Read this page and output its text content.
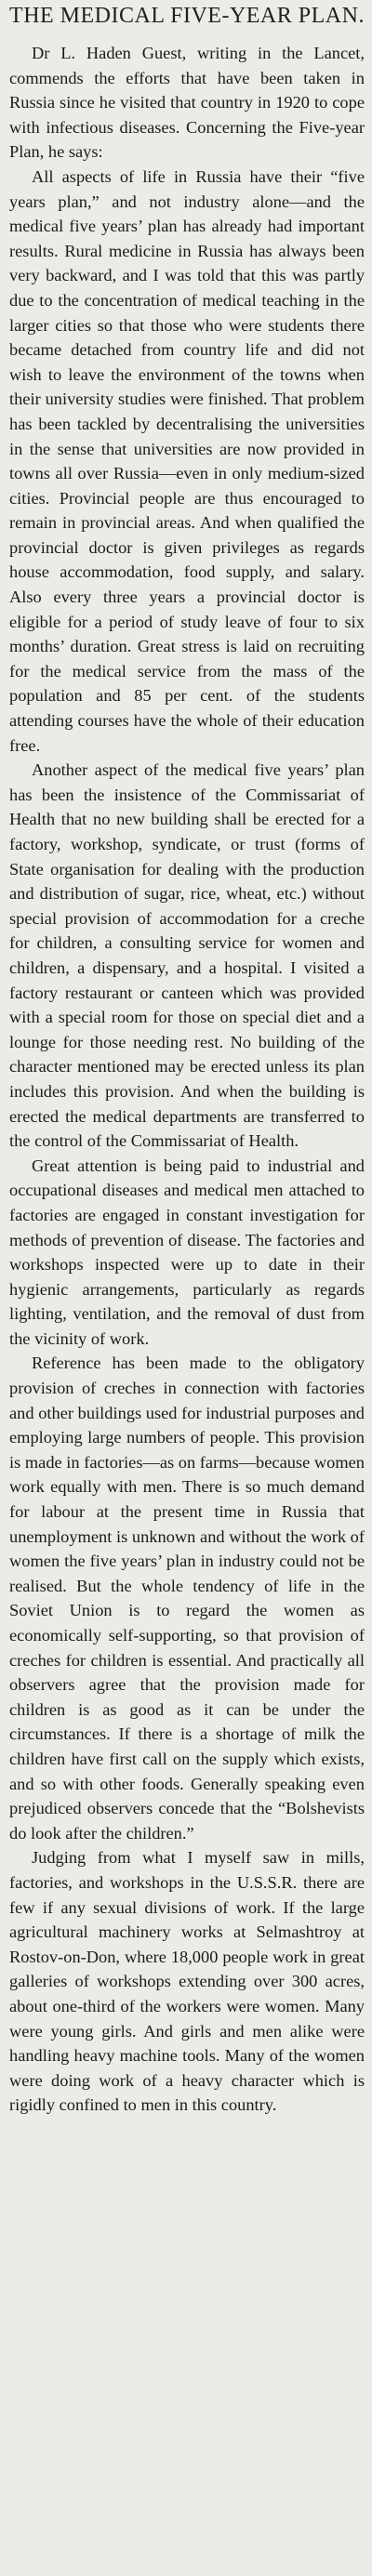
THE MEDICAL FIVE-YEAR PLAN.

Dr L. Haden Guest, writing in the Lancet, commends the efforts that have been taken in Russia since he visited that country in 1920 to cope with infectious diseases. Concerning the Five-year Plan, he says:

All aspects of life in Russia have their “five years plan,” and not industry alone—and the medical five years’ plan has already had important results. Rural medicine in Russia has always been very backward, and I was told that this was partly due to the concentration of medical teaching in the larger cities so that those who were students there became detached from country life and did not wish to leave the environment of the towns when their university studies were finished. That problem has been tackled by decentralising the universities in the sense that universities are now provided in towns all over Russia—even in only medium-sized cities. Provincial people are thus encouraged to remain in provincial areas. And when qualified the provincial doctor is given privileges as regards house accommodation, food supply, and salary. Also every three years a provincial doctor is eligible for a period of study leave of four to six months’ duration. Great stress is laid on recruiting for the medical service from the mass of the population and 85 per cent. of the students attending courses have the whole of their education free.

Another aspect of the medical five years’ plan has been the insistence of the Commissariat of Health that no new building shall be erected for a factory, workshop, syndicate, or trust (forms of State organisation for dealing with the production and distribution of sugar, rice, wheat, etc.) without special provision of accommodation for a creche for children, a consulting service for women and children, a dispensary, and a hospital. I visited a factory restaurant or canteen which was provided with a special room for those on special diet and a lounge for those needing rest. No building of the character mentioned may be erected unless its plan includes this provision. And when the building is erected the medical departments are transferred to the control of the Commissariat of Health.

Great attention is being paid to industrial and occupational diseases and medical men attached to factories are engaged in constant investigation for methods of prevention of disease. The factories and workshops inspected were up to date in their hygienic arrangements, particularly as regards lighting, ventilation, and the removal of dust from the vicinity of work.

Reference has been made to the obligatory provision of creches in connection with factories and other buildings used for industrial purposes and employing large numbers of people. This provision is made in factories—as on farms—because women work equally with men. There is so much demand for labour at the present time in Russia that unemployment is unknown and without the work of women the five years’ plan in industry could not be realised. But the whole tendency of life in the Soviet Union is to regard the women as economically self-supporting, so that provision of creches for children is essential. And practically all observers agree that the provision made for children is as good as it can be under the circumstances. If there is a shortage of milk the children have first call on the supply which exists, and so with other foods. Generally speaking even prejudiced observers concede that the “Bolshevists do look after the children.”

Judging from what I myself saw in mills, factories, and workshops in the U.S.S.R. there are few if any sexual divisions of work. If the large agricultural machinery works at Selmashtroy at Rostov-on-Don, where 18,000 people work in great galleries of workshops extending over 300 acres, about one-third of the workers were women. Many were young girls. And girls and men alike were handling heavy machine tools. Many of the women were doing work of a heavy character which is rigidly confined to men in this country.
